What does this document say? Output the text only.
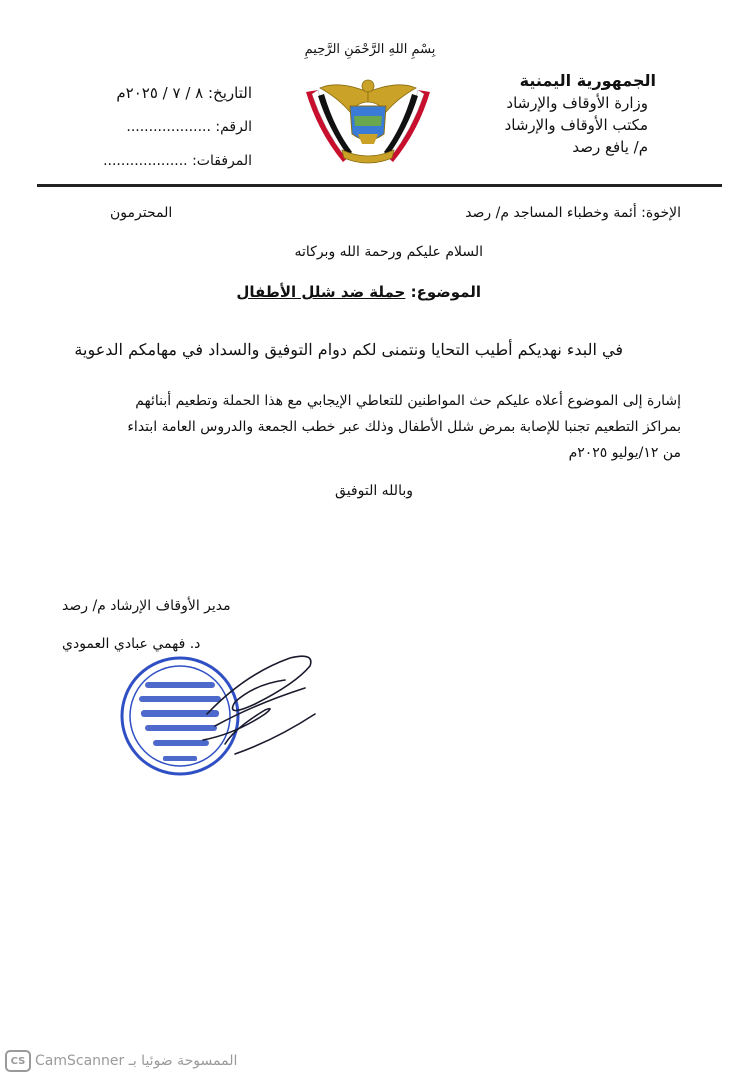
الجمهورية اليمنية
وزارة الأوقاف والإرشاد
مكتب الأوقاف والإرشاد
م/ يافع رصد
بِسْمِ اللهِ الرَّحْمَنِ الرَّحِيمِ
التاريخ: ٨ / ٧ / ٢٠٢٥م
الرقم: ...................
المرفقات: ...................
الإخوة: أئمة وخطباء المساجد م/ رصد
المحترمون
السلام عليكم ورحمة الله وبركاته
الموضوع: حملة ضد شلل الأطفال
في البدء نهديكم أطيب التحايا ونتمنى لكم دوام التوفيق والسداد في مهامكم الدعوية
إشارة إلى الموضوع أعلاه عليكم حث المواطنين للتعاطي الإيجابي مع هذا الحملة وتطعيم أبنائهم
بمراكز التطعيم تجنبا للإصابة بمرض شلل الأطفال وذلك عبر خطب الجمعة والدروس العامة ابتداء
من ١٢/يوليو ٢٠٢٥م
وبالله التوفيق
مدير الأوقاف الإرشاد م/ رصد
د. فهمي عبادي العمودي
CS الممسوحة ضوئيا بـ CamScanner
